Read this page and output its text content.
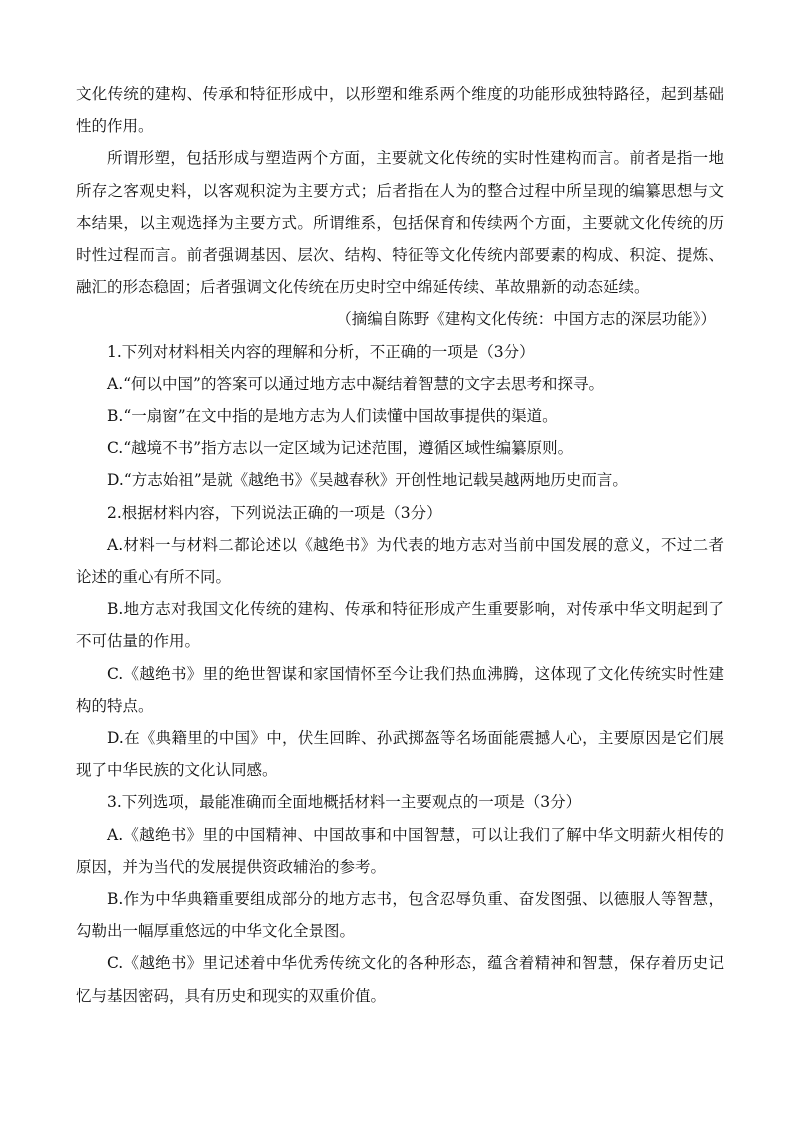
文化传统的建构、传承和特征形成中，以形塑和维系两个维度的功能形成独特路径，起到基础性的作用。

所谓形塑，包括形成与塑造两个方面，主要就文化传统的实时性建构而言。前者是指一地所存之客观史料，以客观积淀为主要方式；后者指在人为的整合过程中所呈现的编纂思想与文本结果，以主观选择为主要方式。所谓维系，包括保育和传续两个方面，主要就文化传统的历时性过程而言。前者强调基因、层次、结构、特征等文化传统内部要素的构成、积淀、提炼、融汇的形态稳固；后者强调文化传统在历史时空中绵延传续、革故鼎新的动态延续。

（摘编自陈野《建构文化传统：中国方志的深层功能》）

1.下列对材料相关内容的理解和分析，不正确的一项是（3分）

A.“何以中国”的答案可以通过地方志中凝结着智慧的文字去思考和探寻。

B.“一扇窗”在文中指的是地方志为人们读懂中国故事提供的渠道。

C.“越境不书”指方志以一定区域为记述范围，遵循区域性编纂原则。

D.“方志始祖”是就《越绝书》《吴越春秋》开创性地记载吴越两地历史而言。

2.根据材料内容，下列说法正确的一项是（3分）

A.材料一与材料二都论述以《越绝书》为代表的地方志对当前中国发展的意义，不过二者论述的重心有所不同。

B.地方志对我国文化传统的建构、传承和特征形成产生重要影响，对传承中华文明起到了不可估量的作用。

C.《越绝书》里的绝世智谋和家国情怀至今让我们热血沸腾，这体现了文化传统实时性建构的特点。

D.在《典籍里的中国》中，伏生回眸、孙武掷盔等名场面能震撼人心，主要原因是它们展现了中华民族的文化认同感。

3.下列选项，最能准确而全面地概括材料一主要观点的一项是（3分）

A.《越绝书》里的中国精神、中国故事和中国智慧，可以让我们了解中华文明薪火相传的原因，并为当代的发展提供资政辅治的参考。

B.作为中华典籍重要组成部分的地方志书，包含忍辱负重、奋发图强、以德服人等智慧，勾勒出一幅厚重悠远的中华文化全景图。

C.《越绝书》里记述着中华优秀传统文化的各种形态，蕴含着精神和智慧，保存着历史记忆与基因密码，具有历史和现实的双重价值。
